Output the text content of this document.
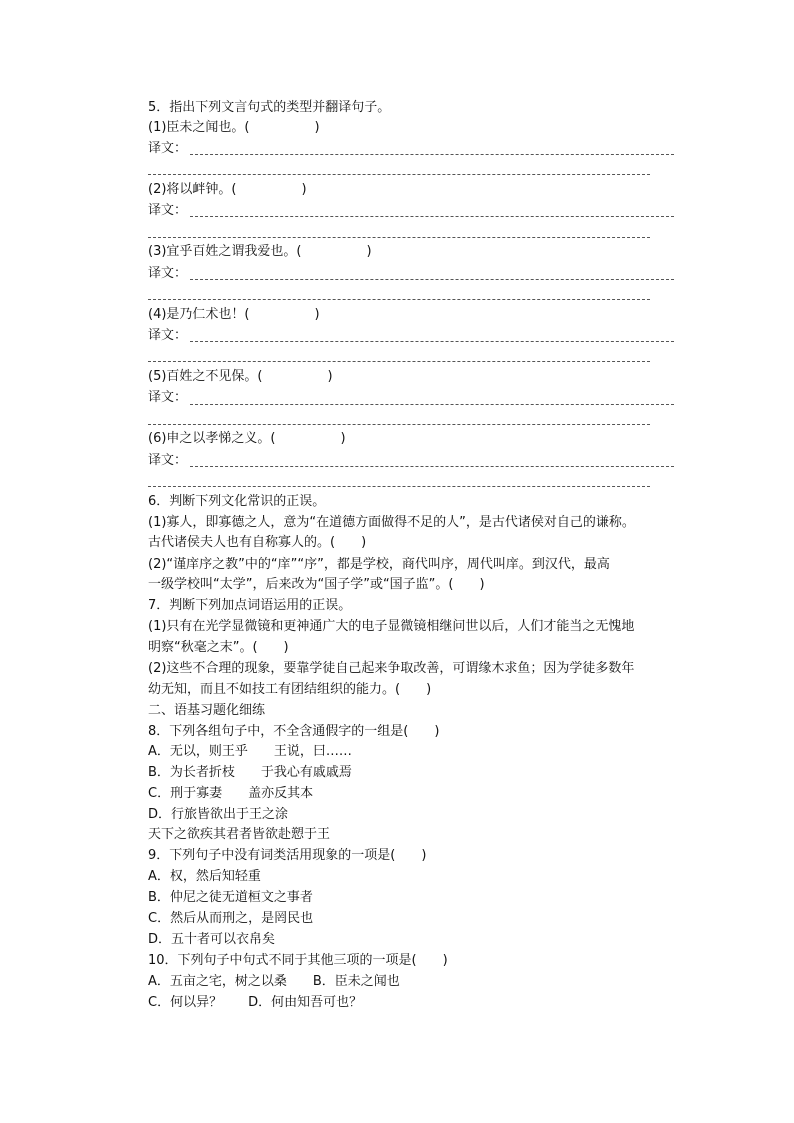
5．指出下列文言句式的类型并翻译句子。
(1)臣未之闻也。(　　　　　)
译文：
(2)将以衅钟。(　　　　　)
译文：
(3)宜乎百姓之谓我爱也。(　　　　　)
译文：
(4)是乃仁术也！(　　　　　)
译文：
(5)百姓之不见保。(　　　　　)
译文：
(6)申之以孝悌之义。(　　　　　)
译文：
6．判断下列文化常识的正误。
(1)寡人，即寡德之人，意为“在道德方面做得不足的人”，是古代诸侯对自己的谦称。
古代诸侯夫人也有自称寡人的。(　　)
(2)“谨庠序之教”中的“庠”“序”，都是学校，商代叫序，周代叫庠。到汉代，最高
一级学校叫“太学”，后来改为“国子学”或“国子监”。(　　)
7．判断下列加点词语运用的正误。
(1)只有在光学显微镜和更神通广大的电子显微镜相继问世以后，人们才能当之无愧地
明察“秋毫之末”。(　　)
(2)这些不合理的现象，要靠学徒自己起来争取改善，可谓缘木求鱼；因为学徒多数年
幼无知，而且不如技工有团结组织的能力。(　　)
二、语基习题化细练
8．下列各组句子中，不全含通假字的一组是(　　)
A．无以，则王乎　　王说，曰……
B．为长者折枝　　于我心有戚戚焉
C．刑于寡妻　　盖亦反其本
D．行旅皆欲出于王之涂
天下之欲疾其君者皆欲赴愬于王
9．下列句子中没有词类活用现象的一项是(　　)
A．权，然后知轻重
B．仲尼之徒无道桓文之事者
C．然后从而刑之，是罔民也
D．五十者可以衣帛矣
10．下列句子中句式不同于其他三项的一项是(　　)
A．五亩之宅，树之以桑　　B．臣未之闻也
C．何以异？　　D．何由知吾可也？
